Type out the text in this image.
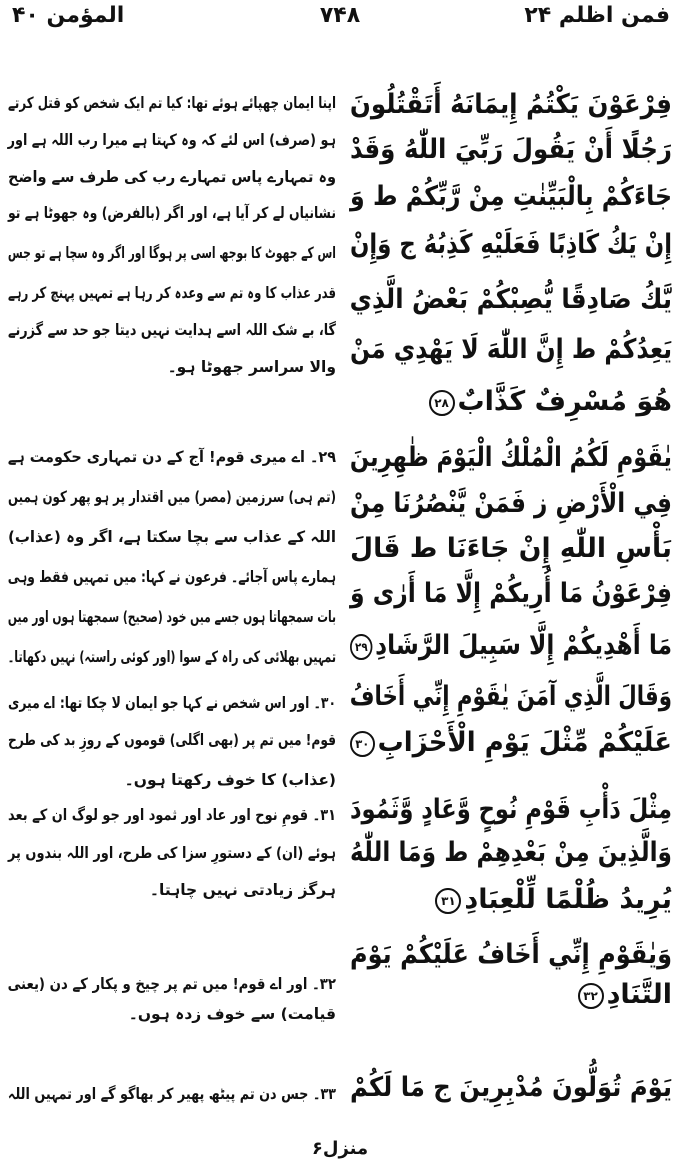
فمن اظلم ۲۴
۷۴۸
المؤمن ۴۰
فِرْعَوْنَ يَكْتُمُ إِيمَانَهُ أَتَقْتُلُونَ
رَجُلًا أَنْ يَقُولَ رَبِّيَ اللّٰهُ وَقَدْ
جَاءَكُمْ بِالْبَيِّنٰتِ مِنْ رَّبِّكُمْ ط وَ
إِنْ يَكُ كَاذِبًا فَعَلَيْهِ كَذِبُهُ ج وَإِنْ
يَّكُ صَادِقًا يُّصِبْكُمْ بَعْضُ الَّذِي
يَعِدُكُمْ ط إِنَّ اللّٰهَ لَا يَهْدِي مَنْ
هُوَ مُسْرِفٌ كَذَّابٌ۲۸
يٰقَوْمِ لَكُمُ الْمُلْكُ الْيَوْمَ ظٰهِرِينَ
فِي الْأَرْضِ ز فَمَنْ يَّنْصُرُنَا مِنْ
بَأْسِ اللّٰهِ إِنْ جَاءَنَا ط قَالَ
فِرْعَوْنُ مَا أُرِيكُمْ إِلَّا مَا أَرٰى وَ
مَا أَهْدِيكُمْ إِلَّا سَبِيلَ الرَّشَادِ۲۹
وَقَالَ الَّذِي آمَنَ يٰقَوْمِ إِنِّي أَخَافُ
عَلَيْكُمْ مِّثْلَ يَوْمِ الْأَحْزَابِ۳۰
مِثْلَ دَأْبِ قَوْمِ نُوحٍ وَّعَادٍ وَّثَمُودَ
وَالَّذِينَ مِنْ بَعْدِهِمْ ط وَمَا اللّٰهُ
يُرِيدُ ظُلْمًا لِّلْعِبَادِ۳۱
وَيٰقَوْمِ إِنِّي أَخَافُ عَلَيْكُمْ يَوْمَ
التَّنَادِ۳۲
يَوْمَ تُوَلُّونَ مُدْبِرِينَ ج مَا لَكُمْ
اپنا ایمان چھپائے ہوئے تھا: کیا تم ایک شخص کو قتل کرتے
ہو (صرف) اس لئے کہ وہ کہتا ہے میرا رب اللہ ہے اور
وہ تمہارے پاس تمہارے رب کی طرف سے واضح
نشانیاں لے کر آیا ہے، اور اگر (بالفرض) وہ جھوٹا ہے تو
اس کے جھوٹ کا بوجھ اسی پر ہوگا اور اگر وہ سچا ہے تو جس
قدر عذاب کا وہ تم سے وعدہ کر رہا ہے تمہیں پہنچ کر رہے
گا، بے شک اللہ اسے ہدایت نہیں دیتا جو حد سے گزرنے
والا سراسر جھوٹا ہو۔
۲۹۔ اے میری قوم! آج کے دن تمہاری حکومت ہے
(تم ہی) سرزمین (مصر) میں اقتدار پر ہو پھر کون ہمیں
اللہ کے عذاب سے بچا سکتا ہے، اگر وہ (عذاب)
ہمارے پاس آجائے۔ فرعون نے کہا: میں تمہیں فقط وہی
بات سمجھاتا ہوں جسے میں خود (صحیح) سمجھتا ہوں اور میں
تمہیں بھلائی کی راہ کے سوا (اور کوئی راستہ) نہیں دکھاتا۔
۳۰۔ اور اس شخص نے کہا جو ایمان لا چکا تھا: اے میری
قوم! میں تم پر (بھی اگلی) قوموں کے روزِ بد کی طرح
(عذاب) کا خوف رکھتا ہوں۔
۳۱۔ قومِ نوح اور عاد اور ثمود اور جو لوگ ان کے بعد
ہوئے (ان) کے دستورِ سزا کی طرح، اور اللہ بندوں پر
ہرگز زیادتی نہیں چاہتا۔
۳۲۔ اور اے قوم! میں تم پر چیخ و پکار کے دن (یعنی
قیامت) سے خوف زدہ ہوں۔
۳۳۔ جس دن تم پیٹھ پھیر کر بھاگو گے اور تمہیں اللہ
منزل۶
